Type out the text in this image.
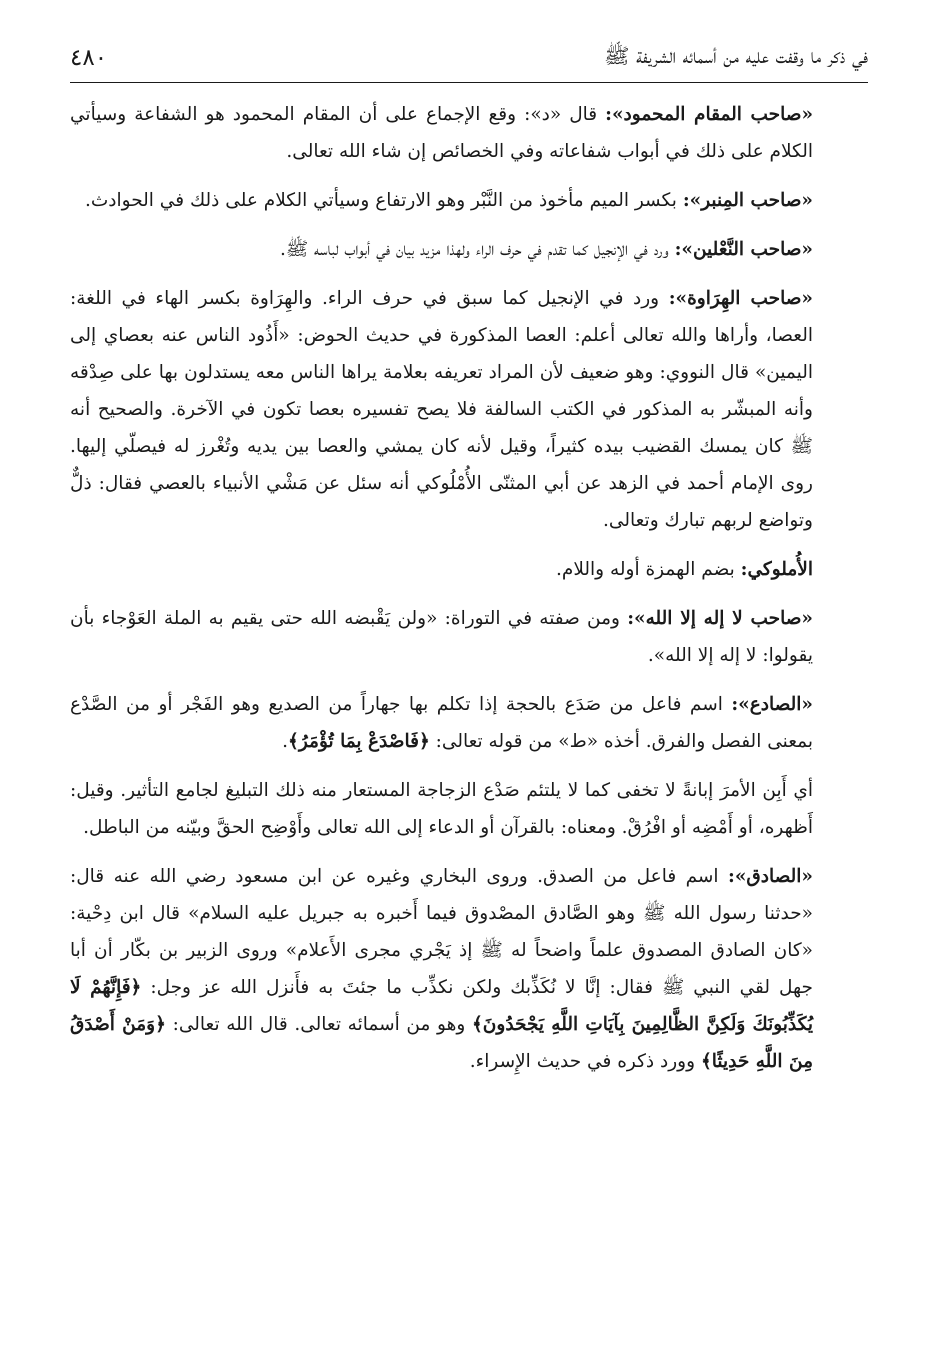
في ذكر ما وقفت عليه من أسمائه الشريفة ﷺ
٤٨٠

«صاحب المقام المحمود»: قال «د»: وقع الإجماع على أن المقام المحمود هو الشفاعة وسيأتي الكلام على ذلك في أبواب شفاعاته وفي الخصائص إن شاء الله تعالى.

«صاحب المِنبر»: بكسر الميم مأخوذ من النَّبْر وهو الارتفاع وسيأتي الكلام على ذلك في الحوادث.

«صاحب النَّعْلين»: ورد في الإنجيل كما تقدم في حرف الراء ولهذا مزيد بيان في أبواب لباسه ﷺ.

«صاحب الهِرَاوة»: ورد في الإنجيل كما سبق في حرف الراء. والهِرَاوة بكسر الهاء في اللغة: العصا، وأراها والله تعالى أعلم: العصا المذكورة في حديث الحوض: «أَذُود الناس عنه بعصاي إلى اليمين» قال النووي: وهو ضعيف لأن المراد تعريفه بعلامة يراها الناس معه يستدلون بها على صِدْقه وأنه المبشّر به المذكور في الكتب السالفة فلا يصح تفسيره بعصا تكون في الآخرة. والصحيح أنه ﷺ كان يمسك القضيب بيده كثيراً، وقيل لأنه كان يمشي والعصا بين يديه وتُغْرز له فيصلّي إليها. روى الإمام أحمد في الزهد عن أبي المثنّى الأُمْلُوكي أنه سئل عن مَشْي الأنبياء بالعصي فقال: ذلٌّ وتواضع لربهم تبارك وتعالى.

الأُملوكي: بضم الهمزة أوله واللام.

«صاحب لا إله إلا الله»: ومن صفته في التوراة: «ولن يَقْبضه الله حتى يقيم به الملة العَوْجاء بأن يقولوا: لا إله إلا الله».

«الصادع»: اسم فاعل من صَدَع بالحجة إذا تكلم بها جهاراً من الصديع وهو الفَجْر أو من الصَّدْع بمعنى الفصل والفرق. أخذه «ط» من قوله تعالى: ﴿فَاصْدَعْ بِمَا تُؤْمَرُ﴾.

أي أَبِن الأمرَ إبانةً لا تخفى كما لا يلتئم صَدْع الزجاجة المستعار منه ذلك التبليغ لجامع التأثير. وقيل: أَظهره، أو أَمْضِه أو افْرُقْ. ومعناه: بالقرآن أو الدعاء إلى الله تعالى وأَوْضِح الحقَّ وبيّنه من الباطل.

«الصادق»: اسم فاعل من الصدق. وروى البخاري وغيره عن ابن مسعود رضي الله عنه قال: «حدثنا رسول الله ﷺ وهو الصَّادق المصْدوق فيما أَخبره به جبريل عليه السلام» قال ابن دِحْية: «كان الصادق المصدوق علماً واضحاً له ﷺ إذ يَجْري مجرى الأَعلام» وروى الزبير بن بكّار أن أبا جهل لقي النبي ﷺ فقال: إنَّا لا نُكَذِّبك ولكن نكذِّب ما جئتَ به فأَنزل الله عز وجل: ﴿فَإِنَّهُمْ لَا يُكَذِّبُونَكَ وَلَكِنَّ الظَّالِمِينَ بِآيَاتِ اللَّهِ يَجْحَدُونَ﴾ وهو من أسمائه تعالى. قال الله تعالى: ﴿وَمَنْ أَصْدَقُ مِنَ اللَّهِ حَدِيثًا﴾ وورد ذكره في حديث الإِسراء.
